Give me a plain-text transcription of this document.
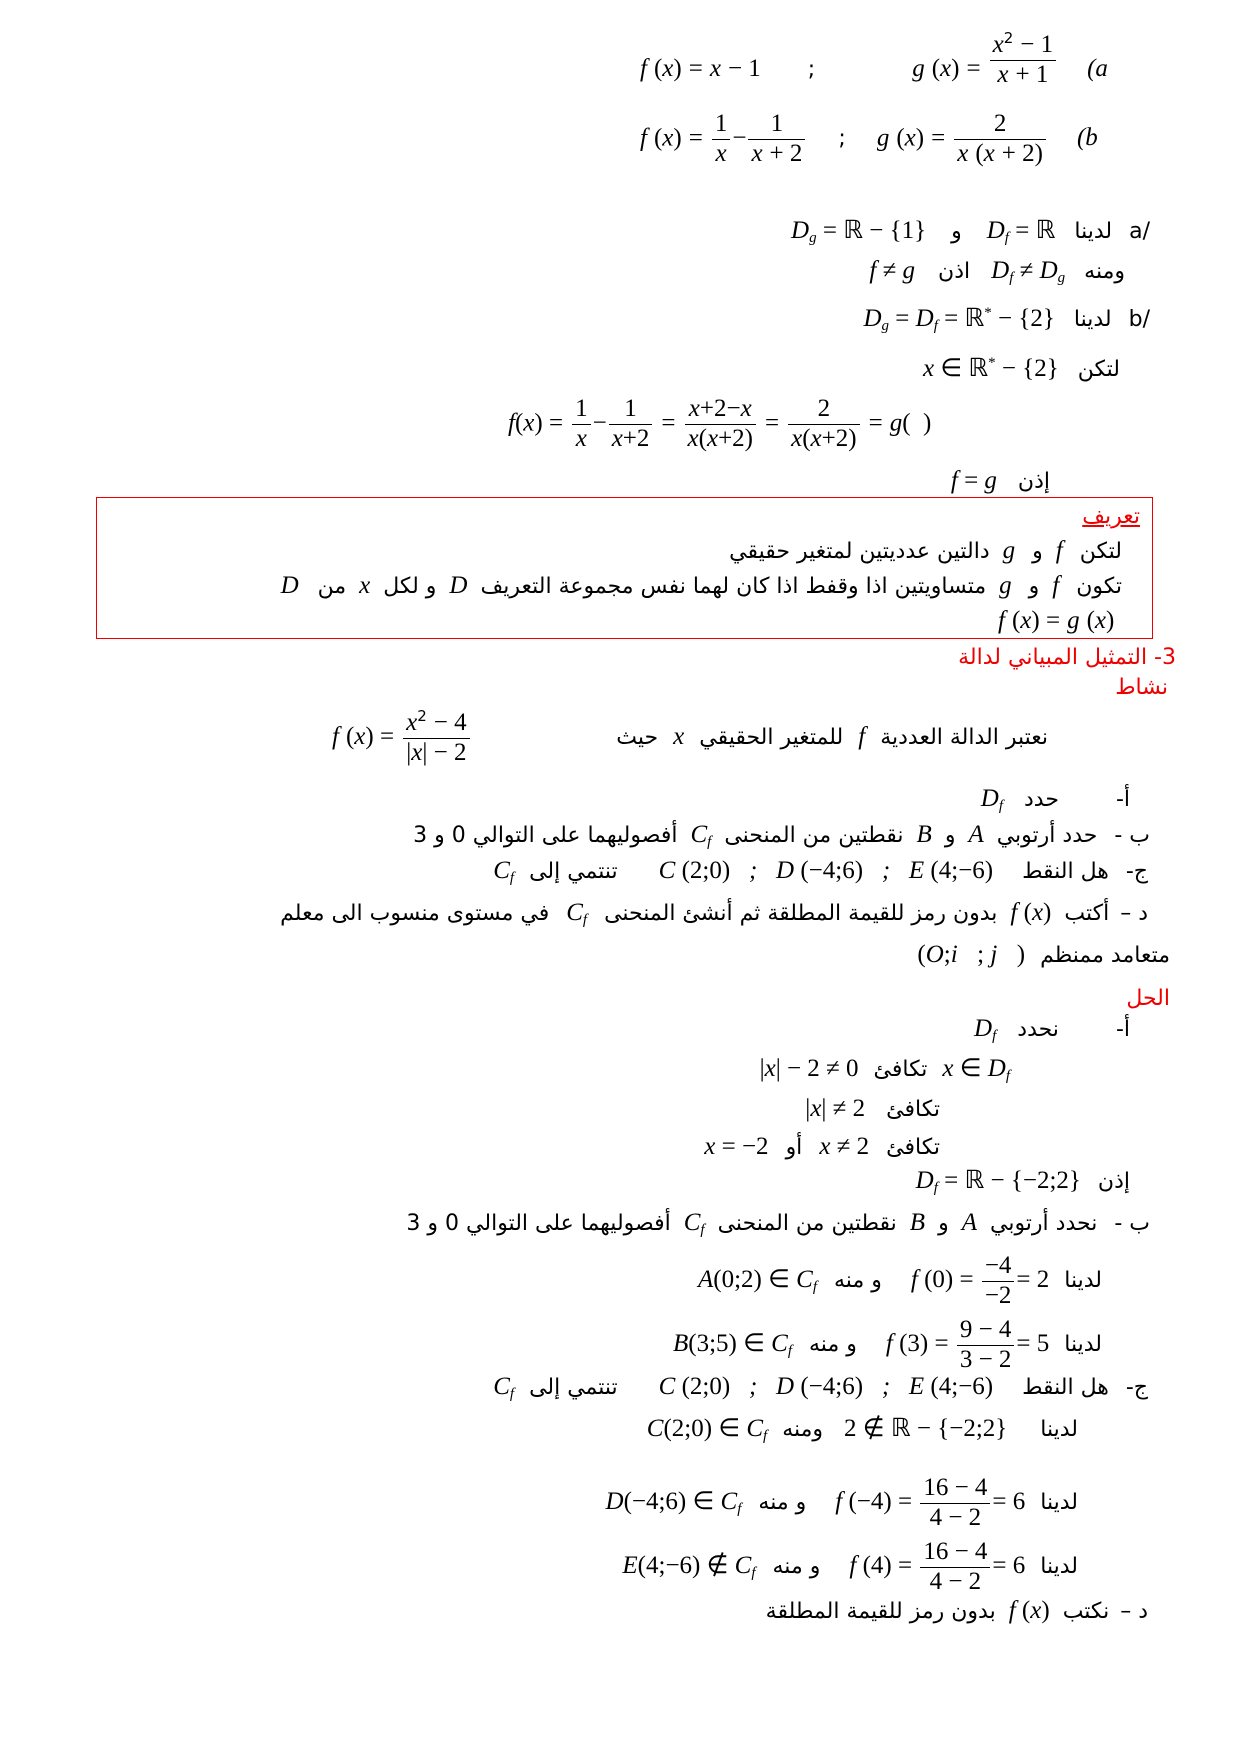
f (x) = x − 1 ;	g $(x) = \frac{x^2 - 1}{x + 1} (a$
f $(x) = \frac{1}{x} - \frac{1}{x + 2}$ ; g $(x) = \frac{2}{x (x + 2)} (b$
/a لدينا $D_f$ = ℝ و $D_g$ = ℝ − {1}
ومنه $D_f \ne D_g$ اذن f ≠ g
/b لدينا $D_g = D_f$ = ℝ* − {2}
لتكن x ∈ ℝ* − {2}
$f(x) = \frac{1}{x} - \frac{1}{x+2} = \frac{x+2-x}{x(x+2)} = \frac{2}{x(x+2)} = g$(  )
إذن f = g
تعريف
لتكن f و g دالتين عدديتين لمتغير حقيقي
تكون f و g متساويتين اذا وقفط اذا كان لهما نفس مجموعة التعريف D و لكل x من D
f (x) = g (x)
3- التمثيل المبياني لدالة
نشاط
نعتبر الدالة العددية f للمتغير الحقيقي x حيث
f $(x) = \frac{x^2 - 4}{|x| - 2}$
أ- حدد $D_f$
ب - حدد أرتوبي A و B نقطتين من المنحنى $C_f$ أفصوليهما على التوالي 0 و 3
ج- هل النقط C (2;0)   ;   D (−4;6)   ;   E (4;−6) تنتمي إلى $C_f$
د – أكتب f (x) بدون رمز للقيمة المطلقة ثم أنشئ المنحنى $C_f$ في مستوى منسوب الى معلم
متعامد ممنظم (O;i⃗; j⃗)
الحل
أ- نحدد $D_f$
x ∈ $D_f$ تكافئ |x| − 2 ≠ 0
تكافئ |x| ≠ 2
تكافئ x ≠ 2 أو x = −2
إذن $D_f$ = ℝ − {−2;2}
ب - نحدد أرتوبي A و B نقطتين من المنحنى $C_f$ أفصوليهما على التوالي 0 و 3
لدينا f $(0) = \frac{-4}{-2} = 2$ و منه A(0;2) ∈ $C_f$
لدينا f $(3) = \frac{9 - 4}{3 - 2} = 5$ و منه B(3;5) ∈ $C_f$
ج- هل النقط C (2;0)   ;   D (−4;6)   ;   E (4;−6) تنتمي إلى $C_f$
لدينا 2 ∉ ℝ − {−2;2} ومنه C(2;0) ∈ $C_f$
لدينا f $(-4) = \frac{16 - 4}{4 - 2} = 6$ و منه D(−4;6) ∈ $C_f$
لدينا f $(4) = \frac{16 - 4}{4 - 2} = 6$ و منه E(4;−6) ∉ $C_f$
د – نكتب f (x) بدون رمز للقيمة المطلقة
